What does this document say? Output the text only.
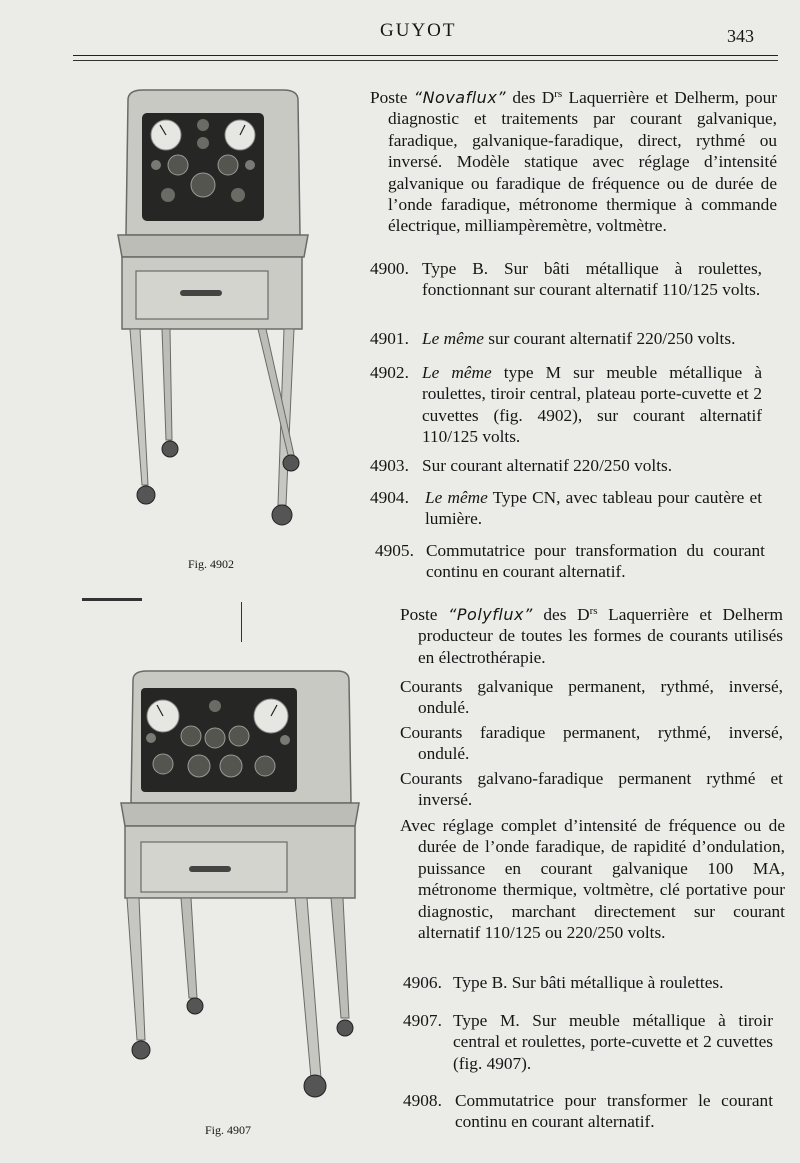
GUYOT	343
Fig. 4902
Fig. 4907
Poste “Novaflux” des $D^{rs}$ Laquerrière et Delherm, pour diagnostic et traitements par courant galvanique, faradique, galvanique-faradique, direct, rythmé ou inversé. Modèle statique avec réglage d’intensité galvanique ou faradique de fréquence ou de durée de l’onde faradique, métronome thermique à commande électrique, milliampèremètre, voltmètre.
4900. Type B. Sur bâti métallique à roulettes, fonctionnant sur courant alternatif 110/125 volts.
4901. Le même sur courant alternatif 220/250 volts.
4902. Le même type M sur meuble métallique à roulettes, tiroir central, plateau porte-cuvette et 2 cuvettes (fig. 4902), sur courant alternatif 110/125 volts.
4903. Sur courant alternatif 220/250 volts.
4904. Le même Type CN, avec tableau pour cautère et lumière.
4905. Commutatrice pour transformation du courant continu en courant alternatif.
Poste “Polyflux” des $D^{rs}$ Laquerrière et Delherm producteur de toutes les formes de courants utilisés en électrothérapie.
Courants galvanique permanent, rythmé, inversé, ondulé.
Courants faradique permanent, rythmé, inversé, ondulé.
Courants galvano-faradique permanent rythmé et inversé.
Avec réglage complet d’intensité de fréquence ou de durée de l’onde faradique, de rapidité d’ondulation, puissance en courant galvanique 100 MA, métronome thermique, voltmètre, clé portative pour diagnostic, marchant directement sur courant alternatif 110/125 ou 220/250 volts.
4906. Type B. Sur bâti métallique à roulettes.
4907. Type M. Sur meuble métallique à tiroir central et roulettes, porte-cuvette et 2 cuvettes (fig. 4907).
4908. Commutatrice pour transformer le courant continu en courant alternatif.
